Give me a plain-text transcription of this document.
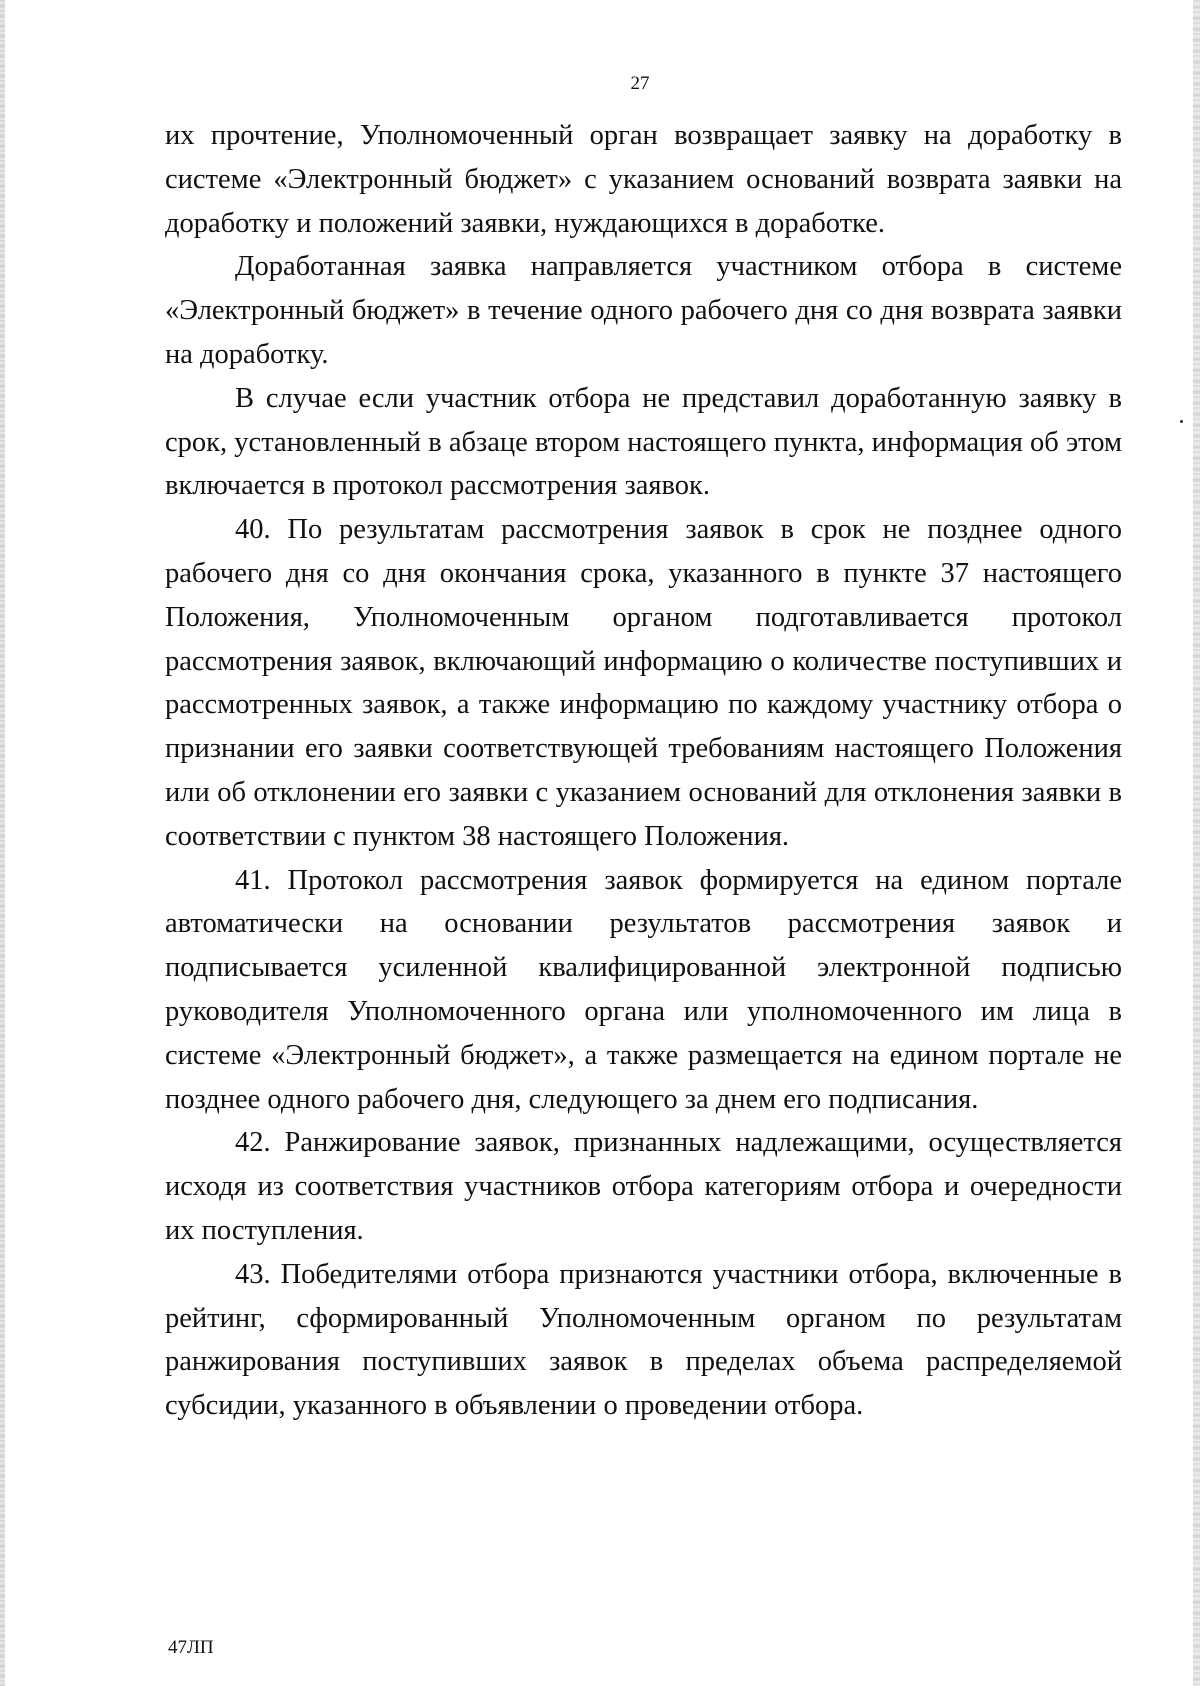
27

их прочтение, Уполномоченный орган возвращает заявку на доработку в системе «Электронный бюджет» с указанием оснований возврата заявки на доработку и положений заявки, нуждающихся в доработке.

Доработанная заявка направляется участником отбора в системе «Электронный бюджет» в течение одного рабочего дня со дня возврата заявки на доработку.

В случае если участник отбора не представил доработанную заявку в срок, установленный в абзаце втором настоящего пункта, информация об этом включается в протокол рассмотрения заявок.

40. По результатам рассмотрения заявок в срок не позднее одного рабочего дня со дня окончания срока, указанного в пункте 37 настоящего Положения, Уполномоченным органом подготавливается протокол рассмотрения заявок, включающий информацию о количестве поступивших и рассмотренных заявок, а также информацию по каждому участнику отбора о признании его заявки соответствующей требованиям настоящего Положения или об отклонении его заявки с указанием оснований для отклонения заявки в соответствии с пунктом 38 настоящего Положения.

41. Протокол рассмотрения заявок формируется на едином портале автоматически на основании результатов рассмотрения заявок и подписывается усиленной квалифицированной электронной подписью руководителя Уполномоченного органа или уполномоченного им лица в системе «Электронный бюджет», а также размещается на едином портале не позднее одного рабочего дня, следующего за днем его подписания.

42. Ранжирование заявок, признанных надлежащими, осуществляется исходя из соответствия участников отбора категориям отбора и очередности их поступления.

43. Победителями отбора признаются участники отбора, включенные в рейтинг, сформированный Уполномоченным органом по результатам ранжирования поступивших заявок в пределах объема распределяемой субсидии, указанного в объявлении о проведении отбора.

47ЛП
